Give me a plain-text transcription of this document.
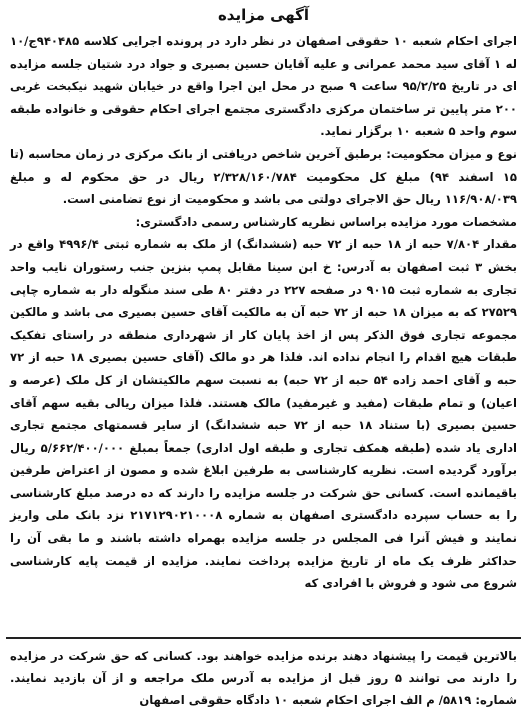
آگهی مزایده

اجرای احکام شعبه ۱۰ حقوقی اصفهان در نظر دارد در پرونده اجرایی کلاسه ۹۴۰۴۸۵ج/۱۰ له ۱ آقای سید محمد عمرانی و علیه آقایان حسین بصیری و جواد درد شتیان جلسه مزایده ای در تاریخ ۹۵/۲/۲۵ ساعت ۹ صبح در محل این اجرا واقع در خیابان شهید نیکبخت غربی ۲۰۰ متر پایین تر ساختمان مرکزی دادگستری مجتمع اجرای احکام حقوقی و خانواده طبقه سوم واحد ۵ شعبه ۱۰ برگزار نماید.

نوع و میزان محکومیت: برطبق آخرین شاخص دریافتی از بانک مرکزی در زمان محاسبه (تا ۱۵ اسفند ۹۴) مبلغ کل محکومیت ۲/۳۲۸/۱۶۰/۷۸۴ ریال در حق محکوم له و مبلغ ۱۱۶/۹۰۸/۰۳۹ ریال حق الاجرای دولتی می باشد و محکومیت از نوع تضامنی است.

مشخصات مورد مزایده براساس نظریه کارشناس رسمی دادگستری:

مقدار ۷/۸۰۴ حبه از ۱۸ حبه از ۷۲ حبه (ششدانگ) از ملک به شماره ثبتی ۴۹۹۶/۴ واقع در بخش ۳ ثبت اصفهان به آدرس: خ ابن سینا مقابل پمپ بنزین جنب رستوران نایب واحد تجاری به شماره ثبت ۹۰۱۵ در صفحه ۲۲۷ در دفتر ۸۰ طی سند منگوله دار به شماره چاپی ۲۷۵۲۹ که به میزان ۱۸ حبه از ۷۲ حبه آن به مالکیت آقای حسین بصیری می باشد و مالکین مجموعه تجاری فوق الذکر پس از اخذ پایان کار از شهرداری منطقه در راستای تفکیک طبقات هیچ اقدام را انجام نداده اند. فلذا هر دو مالک (آقای حسین بصیری ۱۸ حبه از ۷۲ حبه و آقای احمد زاده ۵۴ حبه از ۷۲ حبه) به نسبت سهم مالکیتشان از کل ملک (عرصه و اعیان) و تمام طبقات (مفید و غیرمفید) مالک هستند. فلذا میزان ریالی بقیه سهم آقای حسین بصیری (با ستناد ۱۸ حبه از ۷۲ حبه ششدانگ) از سایر قسمتهای مجتمع تجاری اداری یاد شده (طبقه همکف تجاری و طبقه اول اداری) جمعاً بمبلغ ۵/۶۶۲/۴۰۰/۰۰۰ ریال برآورد گردیده است. نظریه کارشناسی به طرفین ابلاغ شده و مصون از اعتراض طرفین باقیمانده است. کسانی حق شرکت در جلسه مزایده را دارند که ده درصد مبلغ کارشناسی را به حساب سپرده دادگستری اصفهان به شماره ۲۱۷۱۲۹۰۲۱۰۰۰۸ نزد بانک ملی واریز نمایند و فیش آنرا فی المجلس در جلسه مزایده بهمراه داشته باشند و ما بقی آن را حداکثر ظرف یک ماه از تاریخ مزایده پرداخت نمایند. مزایده از قیمت پایه کارشناسی شروع می شود و فروش با افرادی که

بالاترین قیمت را پیشنهاد دهند برنده مزایده خواهند بود. کسانی که حق شرکت در مزایده را دارند می توانند ۵ روز قبل از مزایده به آدرس ملک مراجعه و از آن بازدید نمایند. شماره: ۵۸۱۹/ م الف اجرای احکام شعبه ۱۰ دادگاه حقوقی اصفهان
